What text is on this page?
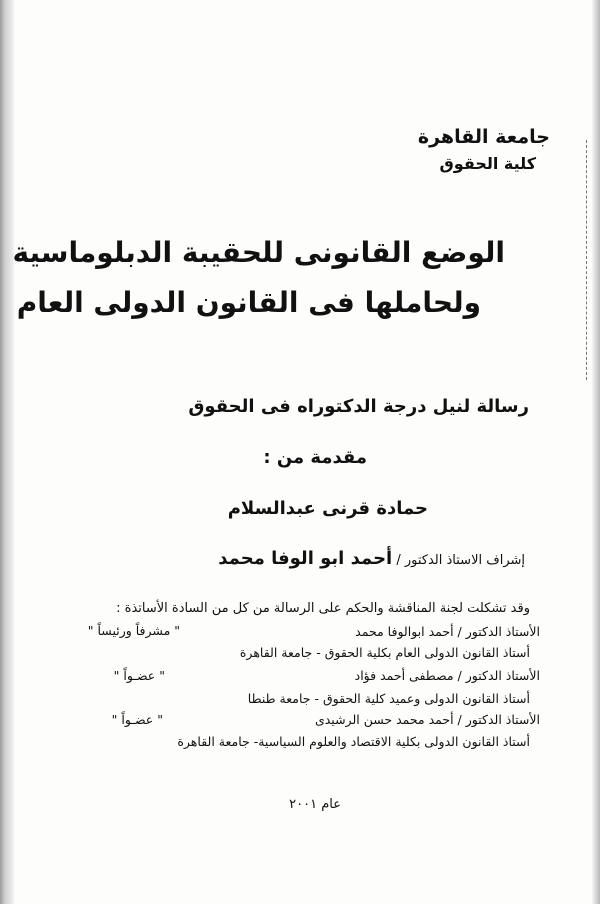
جامعة القاهرة
كلية الحقوق
الوضع القانونى للحقيبة الدبلوماسية
ولحاملها فى القانون الدولى العام
رسالة لنيل درجة الدكتوراه فى الحقوق
مقدمة من :
حمادة قرنى عبدالسلام
إشراف الاستاذ الدكتور / أحمد ابو الوفا محمد
وقد تشكلت لجنة المناقشة والحكم على الرسالة من كل من السادة الأساتذة :
الأستاذ الدكتور / أحمد ابوالوفا محمد
" مشرفاً ورئيساً "
أستاذ القانون الدولى العام بكلية الحقوق - جامعة القاهرة
الأستاذ الدكتور / مصطفى أحمد فؤاد
" عضـواً "
أستاذ القانون الدولى وعميد كلية الحقوق - جامعة طنطا
الأستاذ الدكتور / أحمد محمد حسن الرشيدى
" عضـواً "
أستاذ القانون الدولى بكلية الاقتصاد والعلوم السياسية- جامعة القاهرة
عام ٢٠٠١
